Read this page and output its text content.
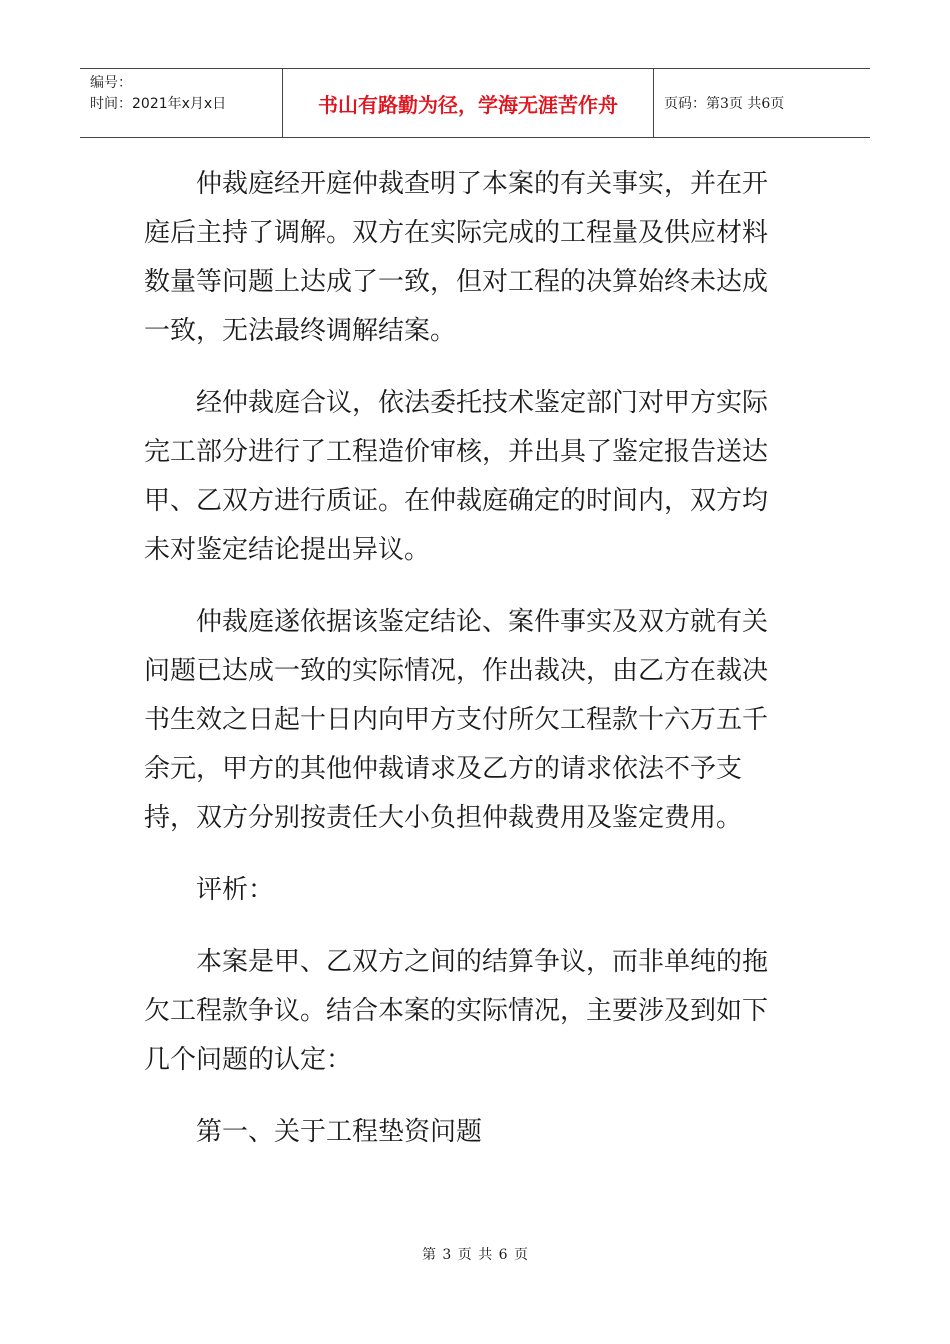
编号：
时间：2021年x月x日	书山有路勤为径，学海无涯苦作舟	页码：第3页 共6页

仲裁庭经开庭仲裁查明了本案的有关事实，并在开庭后主持了调解。双方在实际完成的工程量及供应材料数量等问题上达成了一致，但对工程的决算始终未达成一致，无法最终调解结案。

经仲裁庭合议，依法委托技术鉴定部门对甲方实际完工部分进行了工程造价审核，并出具了鉴定报告送达甲、乙双方进行质证。在仲裁庭确定的时间内，双方均未对鉴定结论提出异议。

仲裁庭遂依据该鉴定结论、案件事实及双方就有关问题已达成一致的实际情况，作出裁决，由乙方在裁决书生效之日起十日内向甲方支付所欠工程款十六万五千余元，甲方的其他仲裁请求及乙方的请求依法不予支持，双方分别按责任大小负担仲裁费用及鉴定费用。

评析：

本案是甲、乙双方之间的结算争议，而非单纯的拖欠工程款争议。结合本案的实际情况，主要涉及到如下几个问题的认定：

第一、关于工程垫资问题

第 3 页 共 6 页
